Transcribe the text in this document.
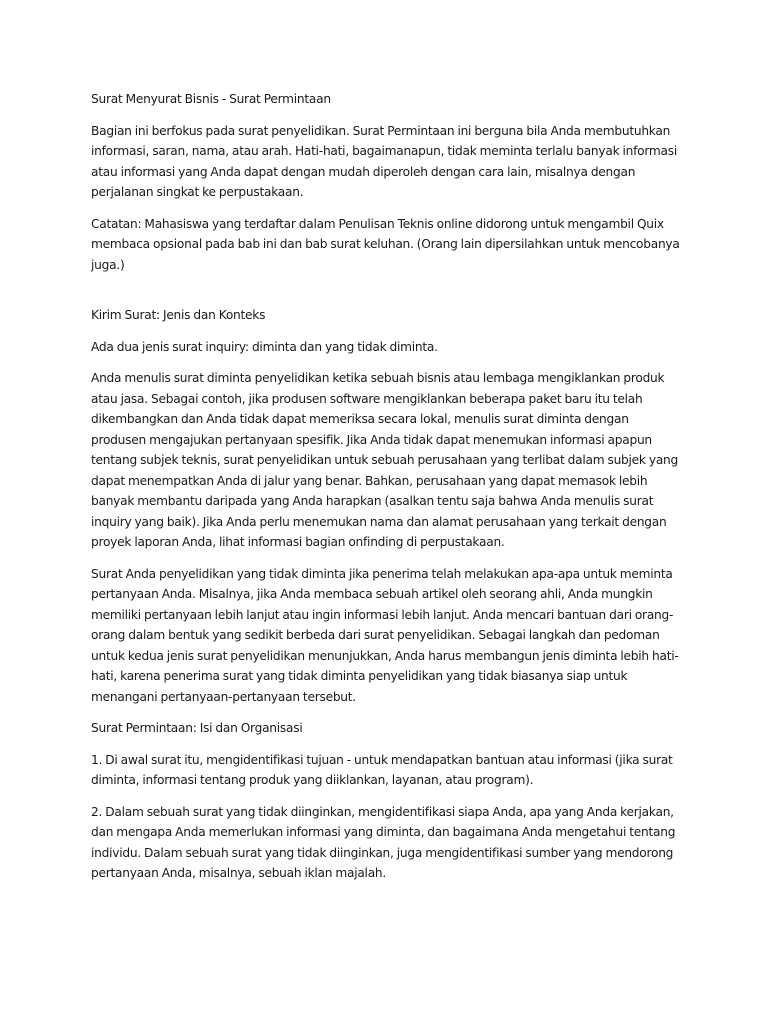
Surat Menyurat Bisnis - Surat Permintaan

Bagian ini berfokus pada surat penyelidikan. Surat Permintaan ini berguna bila Anda membutuhkan informasi, saran, nama, atau arah. Hati-hati, bagaimanapun, tidak meminta terlalu banyak informasi atau informasi yang Anda dapat dengan mudah diperoleh dengan cara lain, misalnya dengan perjalanan singkat ke perpustakaan.

Catatan: Mahasiswa yang terdaftar dalam Penulisan Teknis online didorong untuk mengambil Quix membaca opsional pada bab ini dan bab surat keluhan. (Orang lain dipersilahkan untuk mencobanya juga.)

Kirim Surat: Jenis dan Konteks

Ada dua jenis surat inquiry: diminta dan yang tidak diminta.

Anda menulis surat diminta penyelidikan ketika sebuah bisnis atau lembaga mengiklankan produk atau jasa. Sebagai contoh, jika produsen software mengiklankan beberapa paket baru itu telah dikembangkan dan Anda tidak dapat memeriksa secara lokal, menulis surat diminta dengan produsen mengajukan pertanyaan spesifik. Jika Anda tidak dapat menemukan informasi apapun tentang subjek teknis, surat penyelidikan untuk sebuah perusahaan yang terlibat dalam subjek yang dapat menempatkan Anda di jalur yang benar. Bahkan, perusahaan yang dapat memasok lebih banyak membantu daripada yang Anda harapkan (asalkan tentu saja bahwa Anda menulis surat inquiry yang baik). Jika Anda perlu menemukan nama dan alamat perusahaan yang terkait dengan proyek laporan Anda, lihat informasi bagian onfinding di perpustakaan.

Surat Anda penyelidikan yang tidak diminta jika penerima telah melakukan apa-apa untuk meminta pertanyaan Anda. Misalnya, jika Anda membaca sebuah artikel oleh seorang ahli, Anda mungkin memiliki pertanyaan lebih lanjut atau ingin informasi lebih lanjut. Anda mencari bantuan dari orang-orang dalam bentuk yang sedikit berbeda dari surat penyelidikan. Sebagai langkah dan pedoman untuk kedua jenis surat penyelidikan menunjukkan, Anda harus membangun jenis diminta lebih hati-hati, karena penerima surat yang tidak diminta penyelidikan yang tidak biasanya siap untuk menangani pertanyaan-pertanyaan tersebut.

Surat Permintaan: Isi dan Organisasi

1. Di awal surat itu, mengidentifikasi tujuan - untuk mendapatkan bantuan atau informasi (jika surat diminta, informasi tentang produk yang diiklankan, layanan, atau program).

2. Dalam sebuah surat yang tidak diinginkan, mengidentifikasi siapa Anda, apa yang Anda kerjakan, dan mengapa Anda memerlukan informasi yang diminta, dan bagaimana Anda mengetahui tentang individu. Dalam sebuah surat yang tidak diinginkan, juga mengidentifikasi sumber yang mendorong pertanyaan Anda, misalnya, sebuah iklan majalah.
